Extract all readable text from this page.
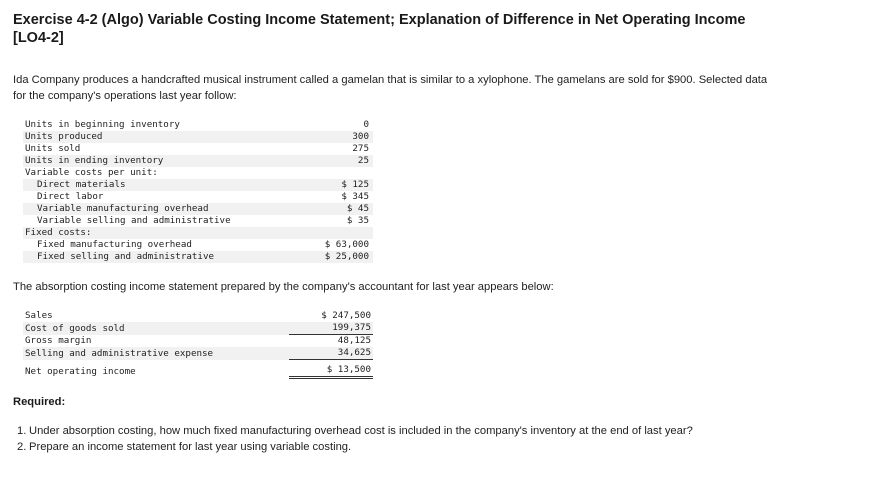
Exercise 4-2 (Algo) Variable Costing Income Statement; Explanation of Difference in Net Operating Income [LO4-2]
Ida Company produces a handcrafted musical instrument called a gamelan that is similar to a xylophone. The gamelans are sold for $900. Selected data for the company's operations last year follow:
Units in beginning inventory	0
Units produced	300
Units sold	275
Units in ending inventory	25
Variable costs per unit:	
Direct materials	$ 125
Direct labor	$ 345
Variable manufacturing overhead	$ 45
Variable selling and administrative	$ 35
Fixed costs:	
Fixed manufacturing overhead	$ 63,000
Fixed selling and administrative	$ 25,000
The absorption costing income statement prepared by the company's accountant for last year appears below:
Sales	$ 247,500
Cost of goods sold	199,375
Gross margin	48,125
Selling and administrative expense	34,625
Net operating income	$ 13,500
Required:
1. Under absorption costing, how much fixed manufacturing overhead cost is included in the company's inventory at the end of last year?
2. Prepare an income statement for last year using variable costing.
